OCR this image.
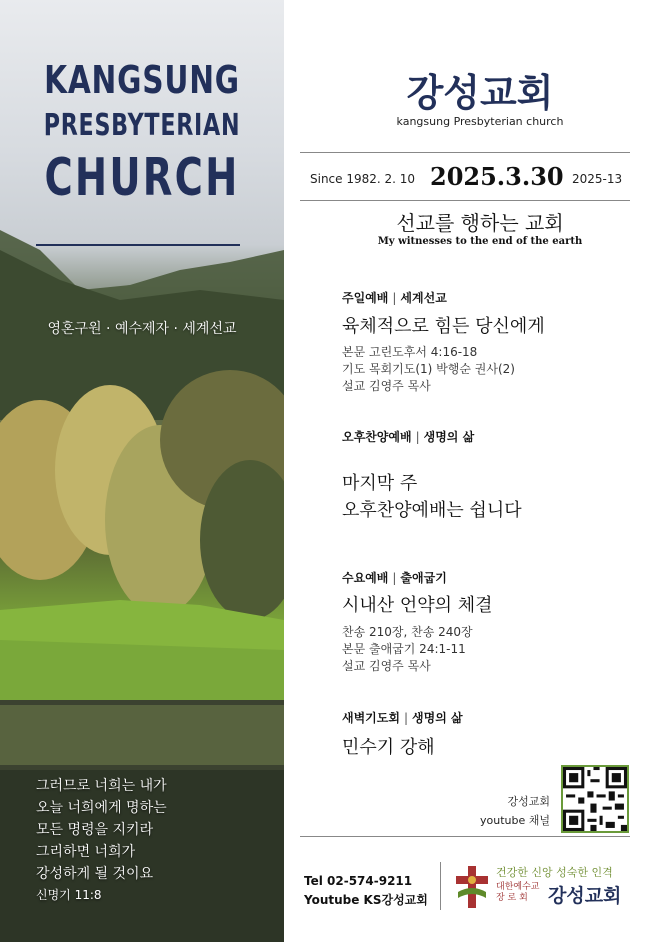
KANGSUNG
PRESBYTERIAN
CHURCH
영혼구원 · 예수제자 · 세계선교
그러므로 너희는 내가
오늘 너희에게 명하는
모든 명령을 지키라
그리하면 너희가
강성하게 될 것이요
신명기 11:8
강성교회
kangsung Presbyterian church
Since 1982. 2. 10 2025.3.30 2025-13
선교를 행하는 교회
My witnesses to the end of the earth
주일예배 | 세계선교
육체적으로 힘든 당신에게
본문 고린도후서 4:16-18
기도 목회기도(1) 박행순 권사(2)
설교 김영주 목사
오후찬양예배 | 생명의 삶
마지막 주
오후찬양예배는 쉽니다
수요예배 | 출애굽기
시내산 언약의 체결
찬송 210장, 찬송 240장
본문 출애굽기 24:1-11
설교 김영주 목사
새벽기도회 | 생명의 삶
민수기 강해
강성교회
youtube 채널
Tel 02-574-9211
Youtube KS강성교회
건강한 신앙 성숙한 인격
대한예수교
장 로 회	강성교회
